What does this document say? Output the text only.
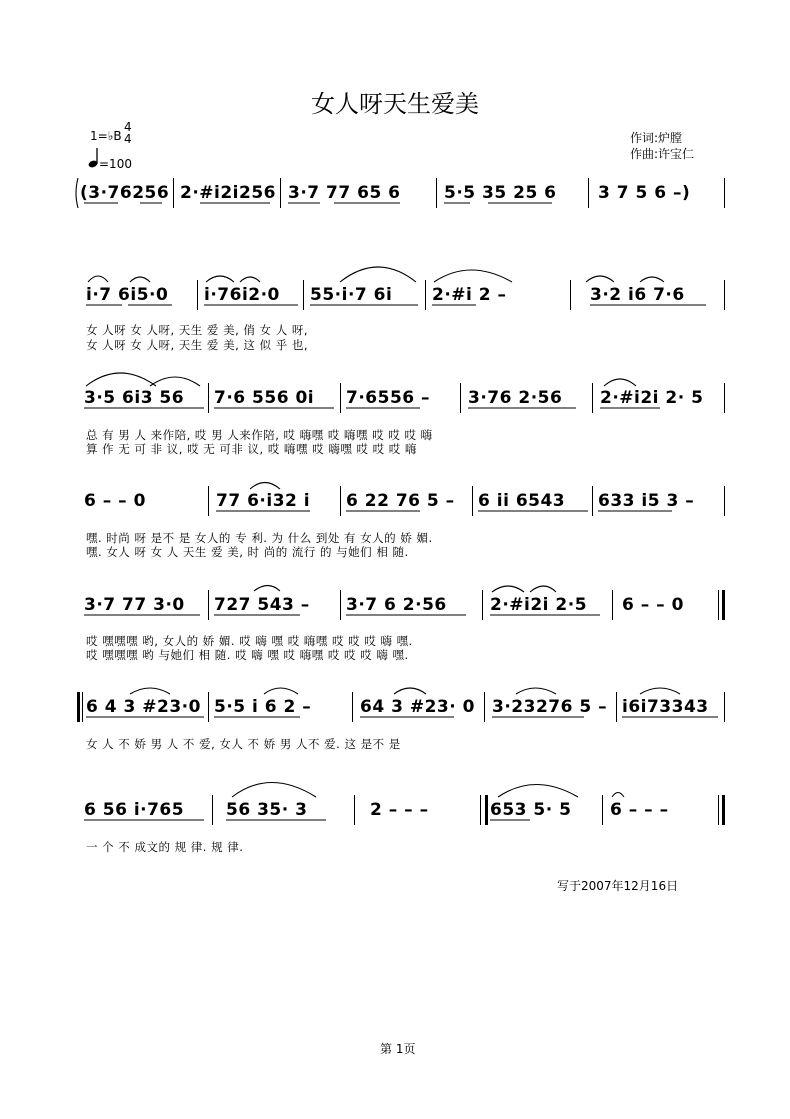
女人呀天生爱美
1=♭B
4
4
=100
作词:炉膛
作曲:许宝仁
(3·76256 2·#i2i256 3·7 77 65 6	5·5 35 25 6 3 7 5 6 –)
i·7 6i5·0 i·76i2·0 55·i·7 6i 2·#i 2 –	3·2 i6 7·6
女 人呀 女 人呀, 天生 爱 美, 俏 女 人 呀,
女 人呀 女 人呀, 天生 爱 美, 这 似 乎 也,
3·5 6i3 56 7·6 556 0i 7·6556 – 3·76 2·56 2·#i2i 2· 5
总 有 男 人 来作陪, 哎 男 人来作陪, 哎 嗨嘿 哎 嗨嘿 哎 哎 哎 嗨
算 作 无 可 非 议, 哎 无 可非 议, 哎 嗨嘿 哎 嗨嘿 哎 哎 哎 嗨
6 – – 0	77 6·i32 i 6 22 76 5 – 6 ii 6543 633 i5 3 –
嘿. 时尚 呀 是不 是 女人的 专 利. 为 什么 到处 有 女人的 娇 媚.
嘿. 女人 呀 女 人 天生 爱 美, 时 尚的 流行 的 与她们 相 随.
3·7 77 3·0 727 543 – 3·7 6 2·56	2·#i2i 2·5 6 – – 0
哎 嘿嘿嘿 哟, 女人的 娇 媚. 哎 嗨 嘿 哎 嗨嘿 哎 哎 哎 嗨 嘿.
哎 嘿嘿嘿 哟 与她们 相 随. 哎 嗨 嘿 哎 嗨嘿 哎 哎 哎 嗨 嘿.
6 4 3 #23·0 5·5 i 6 2 –	64 3 #23· 0 3·23276 5 – i6i73343
女 人 不 娇 男 人 不 爱, 女人 不 娇 男 人不 爱. 这 是不 是
6 56 i·765 56 35· 3	2 – – –	653 5· 5 6 – – –
一 个 不 成文的 规 律. 规 律.
写于2007年12月16日
第 1页
